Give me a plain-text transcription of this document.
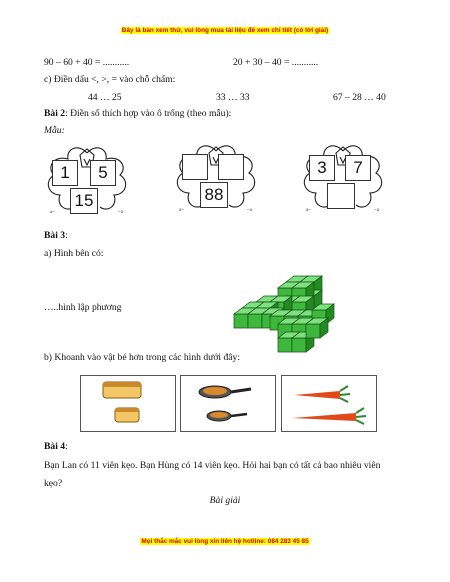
Đây là bản xem thử, vui lòng mua tài liệu để xem chi tiết (có lời giải)
90 – 60 + 40 = ...........	20 + 30 – 40 = ...........
c) Điền dấu <, >, = vào chỗ chấm:
44 … 25	33 … 33	67 – 28 … 40
Bài 2: Điền số thích hợp vào ô trống (theo mẫu):
Mẫu:
a~	~a
1	5
15
a~	~a
88
a~	~a
3	7
Bài 3:
a) Hình bên có:
…..hình lập phương
b) Khoanh vào vật bé hơn trong các hình dưới đây:
Bài 4:
Bạn Lan có 11 viên kẹo. Bạn Hùng có 14 viên kẹo. Hỏi hai bạn có tất cả bao nhiêu viên
kẹo?
Bài giải
Mọi thắc mắc vui lòng xin liên hệ hotline: 084 283 45 85
